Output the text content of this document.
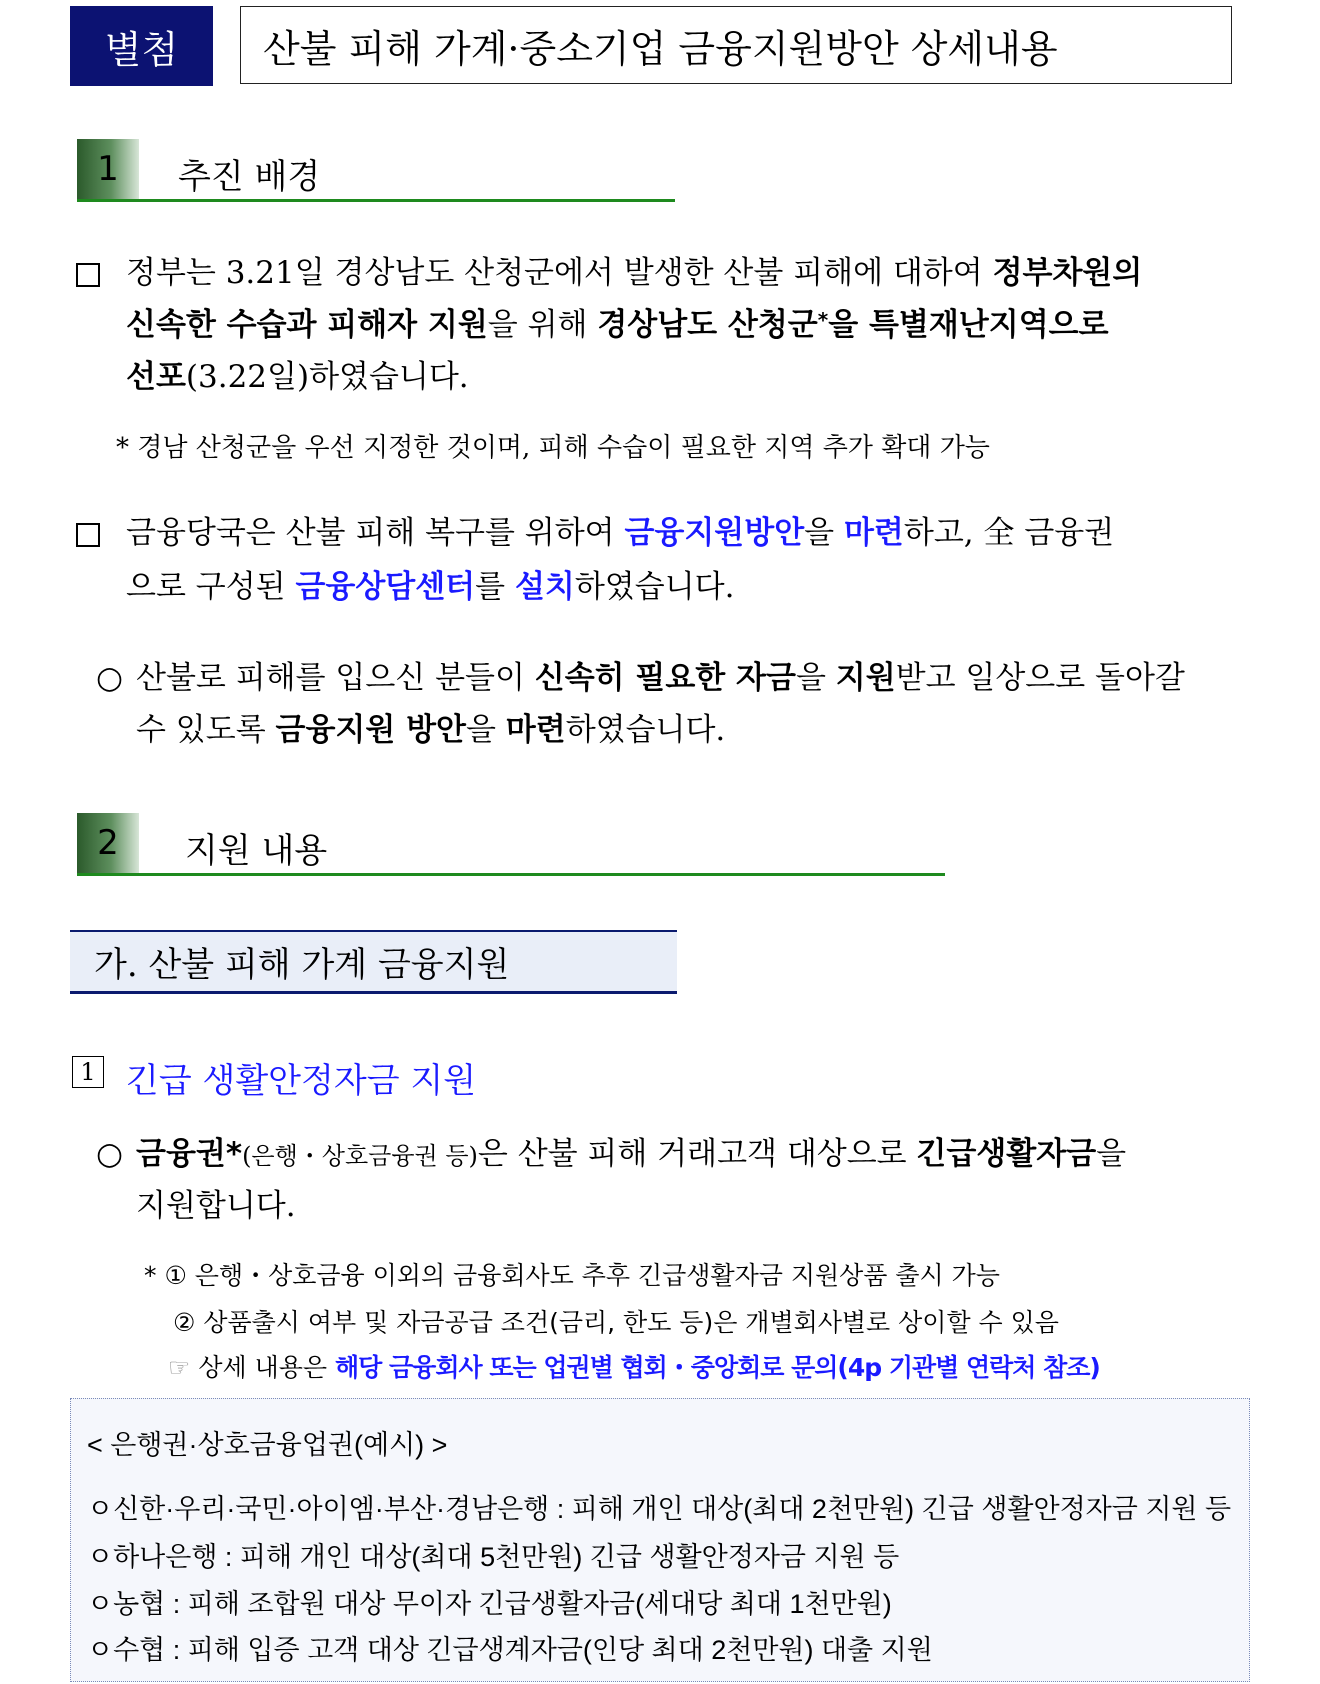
별첨	산불 피해 가계·중소기업 금융지원방안 상세내용
1	추진 배경
정부는 3.21일 경상남도 산청군에서 발생한 산불 피해에 대하여 정부차원의
신속한 수습과 피해자 지원을 위해 경상남도 산청군*을 특별재난지역으로
선포(3.22일)하였습니다.
* 경남 산청군을 우선 지정한 것이며, 피해 수습이 필요한 지역 추가 확대 가능
금융당국은 산불 피해 복구를 위하여 금융지원방안을 마련하고, 全 금융권
으로 구성된 금융상담센터를 설치하였습니다.
○ 산불로 피해를 입으신 분들이 신속히 필요한 자금을 지원받고 일상으로 돌아갈
수 있도록 금융지원 방안을 마련하였습니다.
2	지원 내용
가. 산불 피해 가계 금융지원
1 긴급 생활안정자금 지원
○ 금융권*(은행・상호금융권 등)은 산불 피해 거래고객 대상으로 긴급생활자금을
지원합니다.
* ① 은행・상호금융 이외의 금융회사도 추후 긴급생활자금 지원상품 출시 가능
② 상품출시 여부 및 자금공급 조건(금리, 한도 등)은 개별회사별로 상이할 수 있음
☞ 상세 내용은 해당 금융회사 또는 업권별 협회・중앙회로 문의(4p 기관별 연락처 참조)
< 은행권·상호금융업권(예시) >
ㅇ신한·우리·국민·아이엠·부산·경남은행 : 피해 개인 대상(최대 2천만원) 긴급 생활안정자금 지원 등
ㅇ하나은행 : 피해 개인 대상(최대 5천만원) 긴급 생활안정자금 지원 등
ㅇ농협 : 피해 조합원 대상 무이자 긴급생활자금(세대당 최대 1천만원)
ㅇ수협 : 피해 입증 고객 대상 긴급생계자금(인당 최대 2천만원) 대출 지원
